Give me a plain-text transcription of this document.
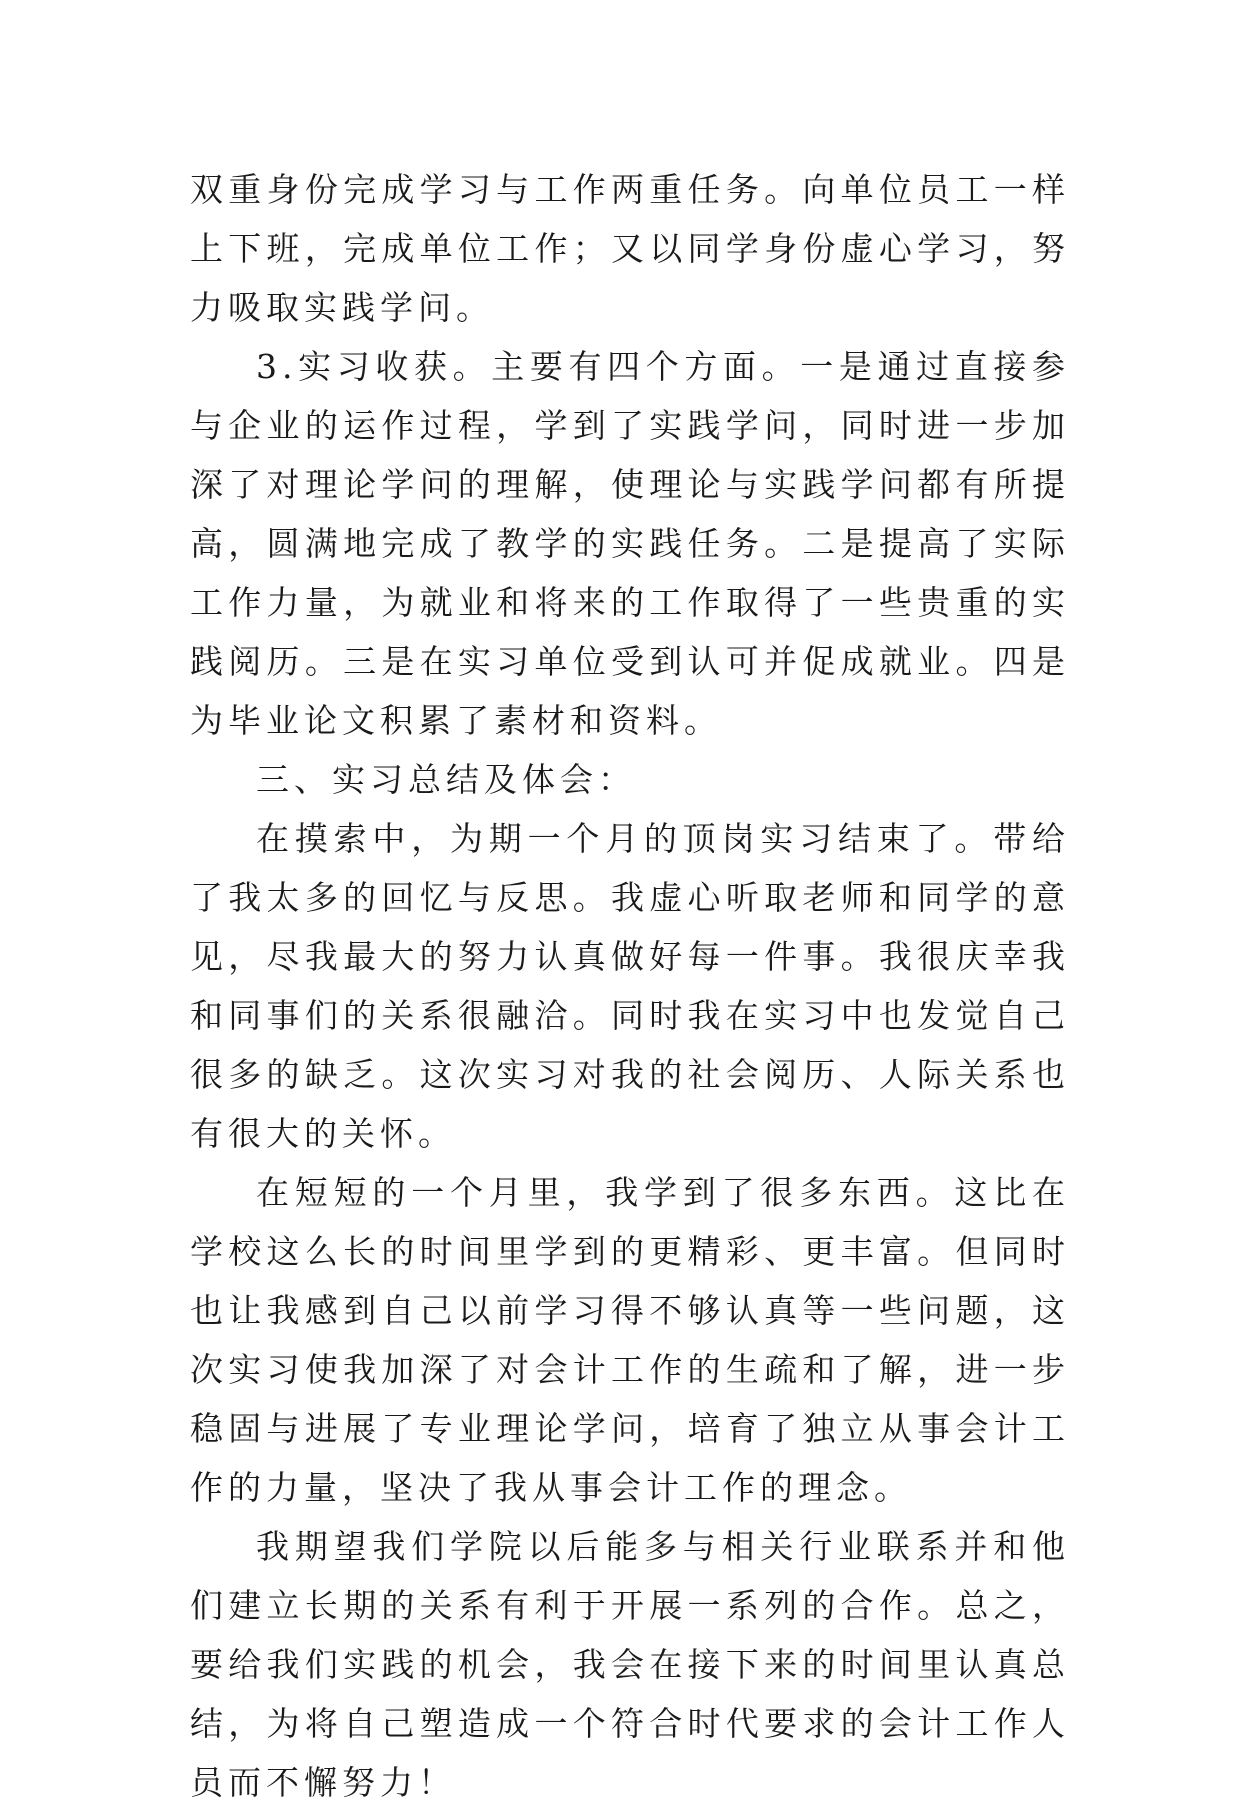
双重身份完成学习与工作两重任务。向单位员工一样上下班，完成单位工作；又以同学身份虚心学习，努力吸取实践学问。

3.实习收获。主要有四个方面。一是通过直接参与企业的运作过程，学到了实践学问，同时进一步加深了对理论学问的理解，使理论与实践学问都有所提高，圆满地完成了教学的实践任务。二是提高了实际工作力量，为就业和将来的工作取得了一些贵重的实践阅历。三是在实习单位受到认可并促成就业。四是为毕业论文积累了素材和资料。

三、实习总结及体会：

在摸索中，为期一个月的顶岗实习结束了。带给了我太多的回忆与反思。我虚心听取老师和同学的意见，尽我最大的努力认真做好每一件事。我很庆幸我和同事们的关系很融洽。同时我在实习中也发觉自己很多的缺乏。这次实习对我的社会阅历、人际关系也有很大的关怀。

在短短的一个月里，我学到了很多东西。这比在学校这么长的时间里学到的更精彩、更丰富。但同时也让我感到自己以前学习得不够认真等一些问题，这次实习使我加深了对会计工作的生疏和了解，进一步稳固与进展了专业理论学问，培育了独立从事会计工作的力量，坚决了我从事会计工作的理念。

我期望我们学院以后能多与相关行业联系并和他们建立长期的关系有利于开展一系列的合作。总之，要给我们实践的机会，我会在接下来的时间里认真总结，为将自己塑造成一个符合时代要求的会计工作人员而不懈努力！
